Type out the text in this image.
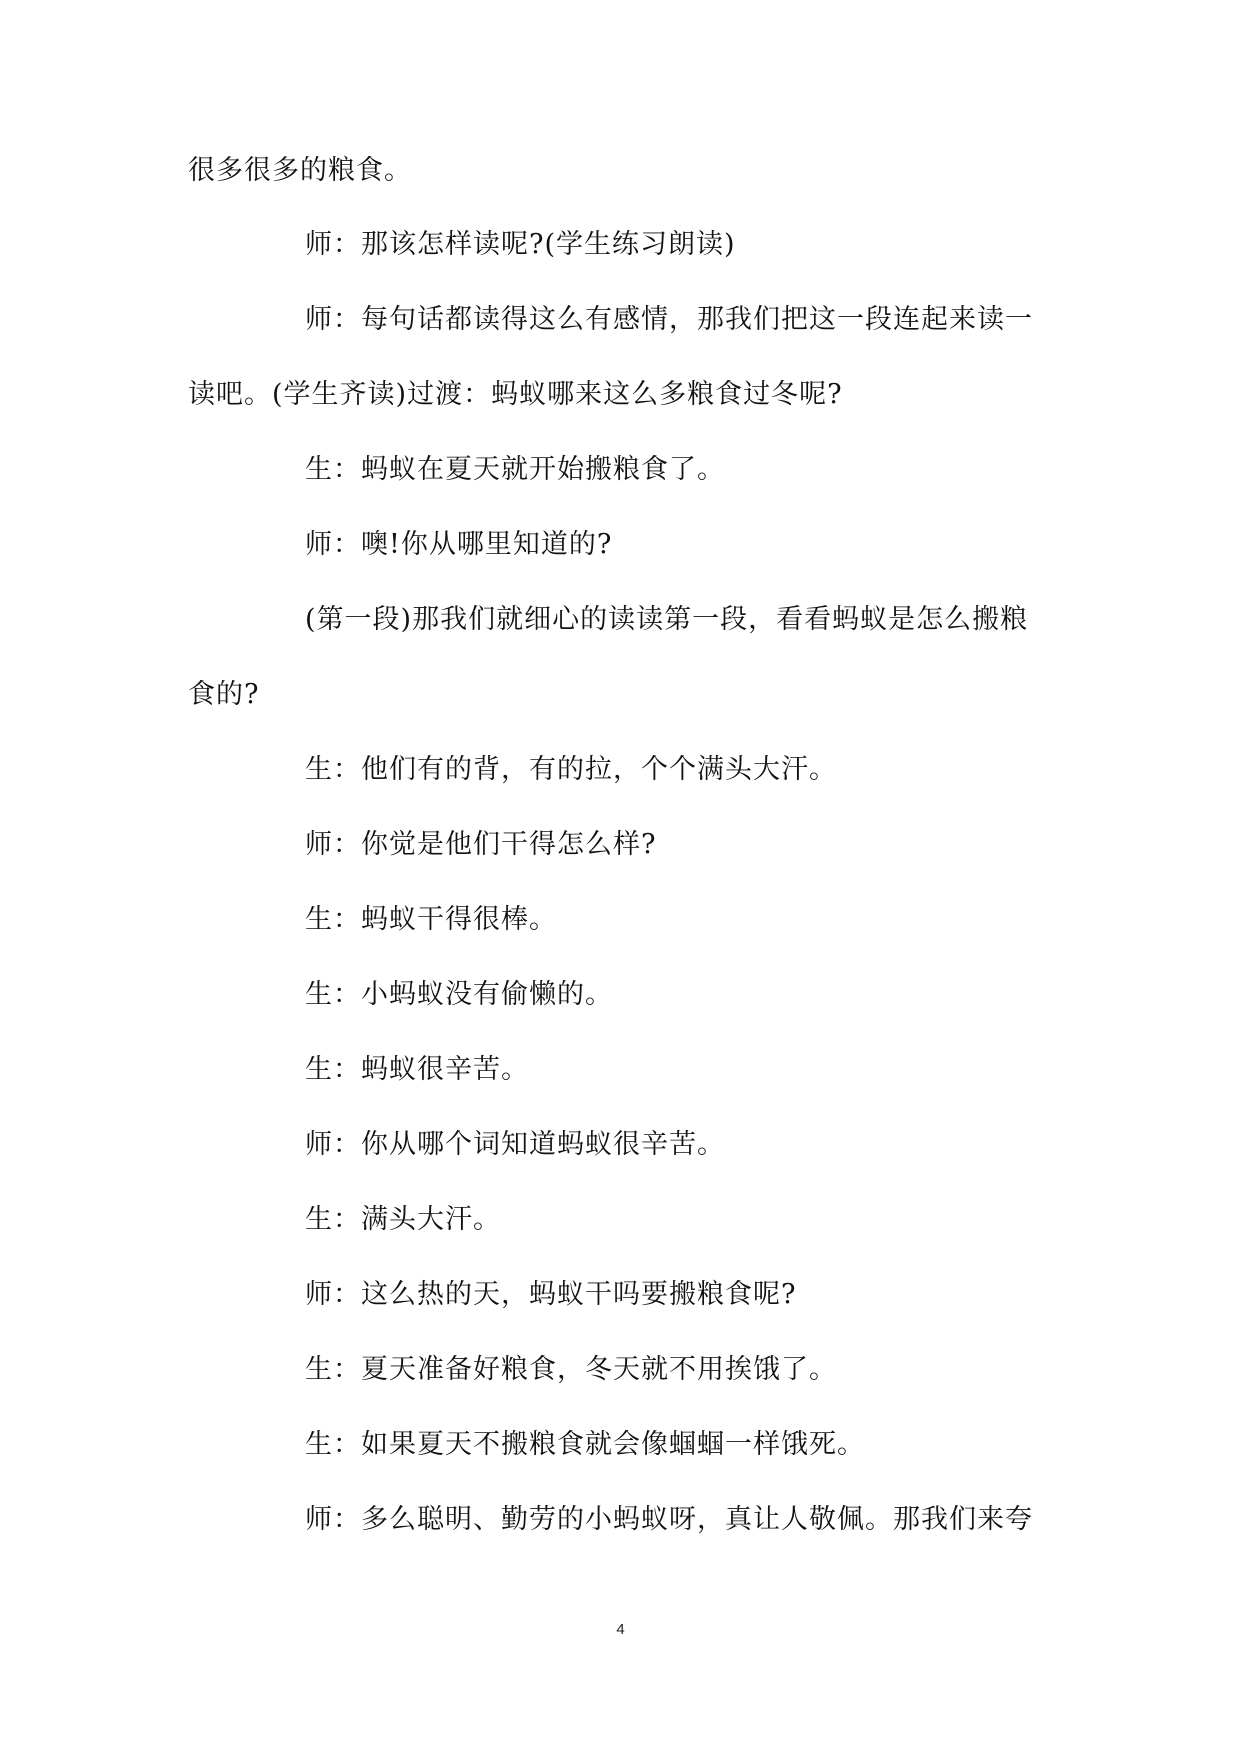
很多很多的粮食。
师：那该怎样读呢?(学生练习朗读)
师：每句话都读得这么有感情，那我们把这一段连起来读一
读吧。(学生齐读)过渡：蚂蚁哪来这么多粮食过冬呢?
生：蚂蚁在夏天就开始搬粮食了。
师：噢!你从哪里知道的?
(第一段)那我们就细心的读读第一段，看看蚂蚁是怎么搬粮
食的?
生：他们有的背，有的拉，个个满头大汗。
师：你觉是他们干得怎么样?
生：蚂蚁干得很棒。
生：小蚂蚁没有偷懒的。
生：蚂蚁很辛苦。
师：你从哪个词知道蚂蚁很辛苦。
生：满头大汗。
师：这么热的天，蚂蚁干吗要搬粮食呢?
生：夏天准备好粮食，冬天就不用挨饿了。
生：如果夏天不搬粮食就会像蝈蝈一样饿死。
师：多么聪明、勤劳的小蚂蚁呀，真让人敬佩。那我们来夸
4
